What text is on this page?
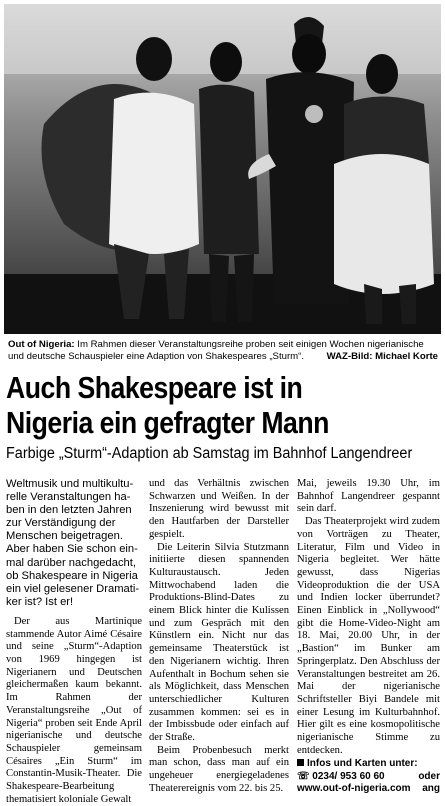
Out of Nigeria: Im Rahmen dieser Veranstaltungsreihe proben seit einigen Wochen nigerianische und deutsche Schauspieler eine Adaption von Shakespeares „Sturm“. WAZ-Bild: Michael Korte
Auch Shakespeare ist in
Nigeria ein gefragter Mann
Farbige „Sturm“-Adaption ab Samstag im Bahnhof Langendreer
Weltmusik und multikultu-
relle Veranstaltungen ha-
ben in den letzten Jahren
zur Verständigung der
Menschen beigetragen.
Aber haben Sie schon ein-
mal darüber nachgedacht,
ob Shakespeare in Nigeria
ein viel gelesener Dramati-
ker ist? Ist er!

Der aus Martinique stammende Autor Aimé Césaire und seine „Sturm“-Adaption von 1969 hingegen ist Nigerianern und Deutschen gleichermaßen kaum bekannt. Im Rahmen der Veranstaltungsreihe „Out of Nigeria“ proben seit Ende April nigerianische und deutsche Schauspieler gemeinsam Césaires „Ein Sturm“ im Constantin-Musik-Theater. Die Shakespeare-Bearbeitung thematisiert koloniale Gewalt

und das Verhältnis zwischen Schwarzen und Weißen. In der Inszenierung wird bewusst mit den Hautfarben der Darsteller gespielt.

Die Leiterin Silvia Stutzmann initiierte diesen spannenden Kulturaustausch. Jeden Mittwochabend laden die Produktions-Blind-Dates zu einem Blick hinter die Kulissen und zum Gespräch mit den Künstlern ein. Nicht nur das gemeinsame Theaterstück ist den Nigerianern wichtig. Ihren Aufenthalt in Bochum sehen sie als Möglichkeit, dass Menschen unterschiedlicher Kulturen zusammen kommen: sei es in der Imbissbude oder einfach auf der Straße.

Beim Probenbesuch merkt man schon, dass man auf ein ungeheuer energiegeladenes Theaterereignis vom 22. bis 25.

Mai, jeweils 19.30 Uhr, im Bahnhof Langendreer gespannt sein darf.

Das Theaterprojekt wird zudem von Vorträgen zu Theater, Literatur, Film und Video in Nigeria begleitet. Wer hätte gewusst, dass Nigerias Videoproduktion die der USA und Indien locker überrundet? Einen Einblick in „Nollywood“ gibt die Home-Video-Night am 18. Mai, 20.00 Uhr, in der „Bastion“ im Bunker am Springerplatz. Den Abschluss der Veranstaltungen bestreitet am 26. Mai der nigerianische Schriftsteller Biyi Bandele mit einer Lesung im Kulturbahnhof. Hier gilt es eine kosmopolitische nigerianische Stimme zu entdecken.

Infos und Karten unter:
☏ 0234/ 953 60 60	oder
www.out-of-nigeria.com ang
